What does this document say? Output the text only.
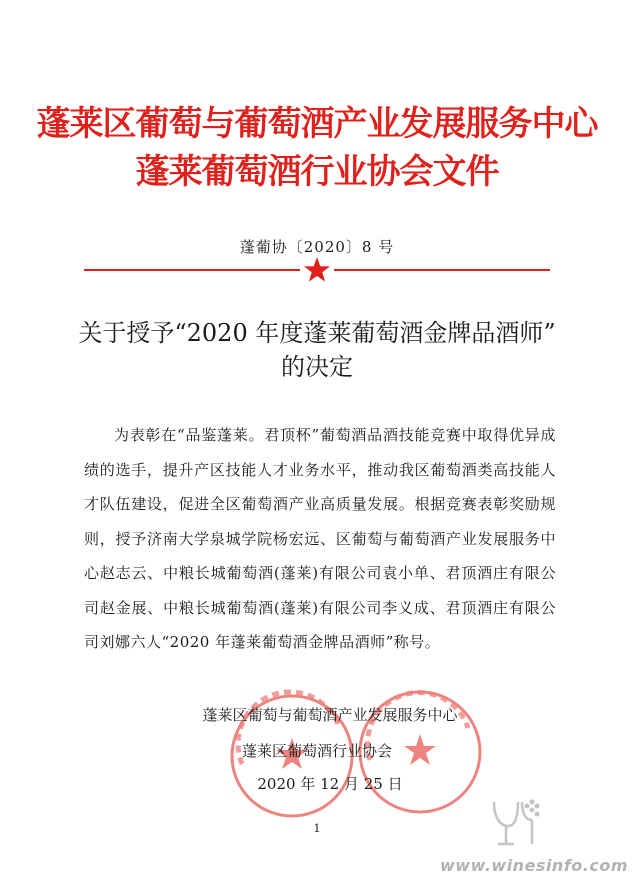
蓬莱区葡萄与葡萄酒产业发展服务中心
蓬莱葡萄酒行业协会文件
蓬葡协〔2020〕8 号
关于授予“2020 年度蓬莱葡萄酒金牌品酒师”
的决定
为表彰在“品鉴蓬莱。君顶杯”葡萄酒品酒技能竞赛中取得优异成绩的选手，提升产区技能人才业务水平，推动我区葡萄酒类高技能人才队伍建设，促进全区葡萄酒产业高质量发展。根据竞赛表彰奖励规则，授予济南大学泉城学院杨宏远、区葡萄与葡萄酒产业发展服务中心赵志云、中粮长城葡萄酒(蓬莱)有限公司袁小单、君顶酒庄有限公司赵金展、中粮长城葡萄酒(蓬莱)有限公司李义成、君顶酒庄有限公司刘娜六人“2020 年蓬莱葡萄酒金牌品酒师”称号。
蓬莱区葡萄与葡萄酒产业发展服务中心
蓬莱区葡萄酒行业协会
2020 年 12 月 25 日
1
www.winesinfo.com
